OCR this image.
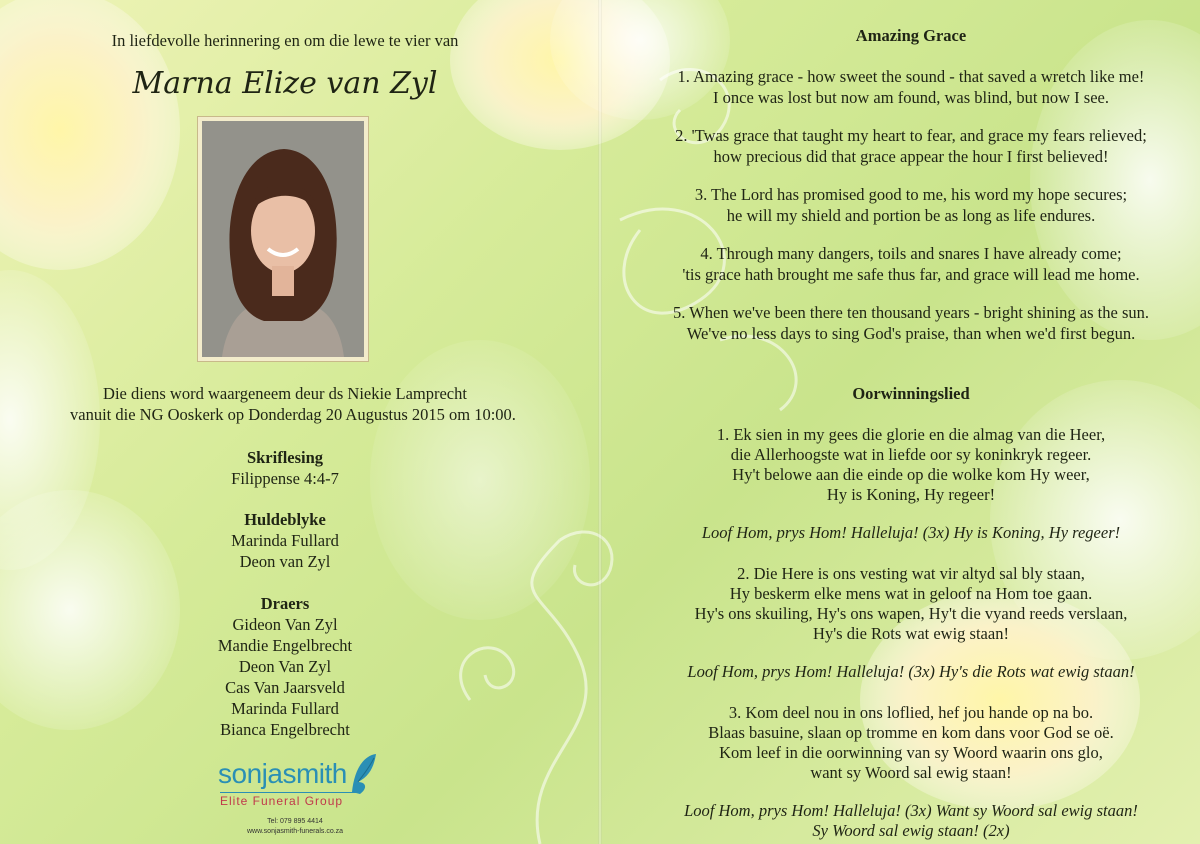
In liefdevolle herinnering en om die lewe te vier van

Marna Elize van Zyl

Die diens word waargeneem deur ds Niekie Lamprecht

vanuit die NG Ooskerk op Donderdag 20 Augustus 2015 om 10:00.

Skriflesing

Filippense 4:4-7

Huldeblyke

Marinda Fullard

Deon van Zyl

Draers

Gideon Van Zyl

Mandie Engelbrecht

Deon Van Zyl

Cas Van Jaarsveld

Marinda Fullard

Bianca Engelbrecht

sonjasmith
Elite Funeral Group
Tel: 079 895 4414
www.sonjasmith-funerals.co.za

Amazing Grace

1. Amazing grace - how sweet the sound - that saved a wretch like me!

I once was lost but now am found, was blind, but now I see.

2. 'Twas grace that taught my heart to fear, and grace my fears relieved;

how precious did that grace appear the hour I first believed!

3. The Lord has promised good to me, his word my hope secures;

he will my shield and portion be as long as life endures.

4. Through many dangers, toils and snares I have already come;

'tis grace hath brought me safe thus far, and grace will lead me home.

5. When we've been there ten thousand years - bright shining as the sun.

We've no less days to sing God's praise, than when we'd first begun.

Oorwinningslied

1. Ek sien in my gees die glorie en die almag van die Heer,

die Allerhoogste wat in liefde oor sy koninkryk regeer.

Hy't belowe aan die einde op die wolke kom Hy weer,

Hy is Koning, Hy regeer!

Loof Hom, prys Hom! Halleluja! (3x) Hy is Koning, Hy regeer!

2. Die Here is ons vesting wat vir altyd sal bly staan,

Hy beskerm elke mens wat in geloof na Hom toe gaan.

Hy's ons skuiling, Hy's ons wapen, Hy't die vyand reeds verslaan,

Hy's die Rots wat ewig staan!

Loof Hom, prys Hom! Halleluja! (3x) Hy's die Rots wat ewig staan!

3. Kom deel nou in ons loflied, hef jou hande op na bo.

Blaas basuine, slaan op tromme en kom dans voor God se oë.

Kom leef in die oorwinning van sy Woord waarin ons glo,

want sy Woord sal ewig staan!

Loof Hom, prys Hom! Halleluja! (3x) Want sy Woord sal ewig staan!

Sy Woord sal ewig staan! (2x)
